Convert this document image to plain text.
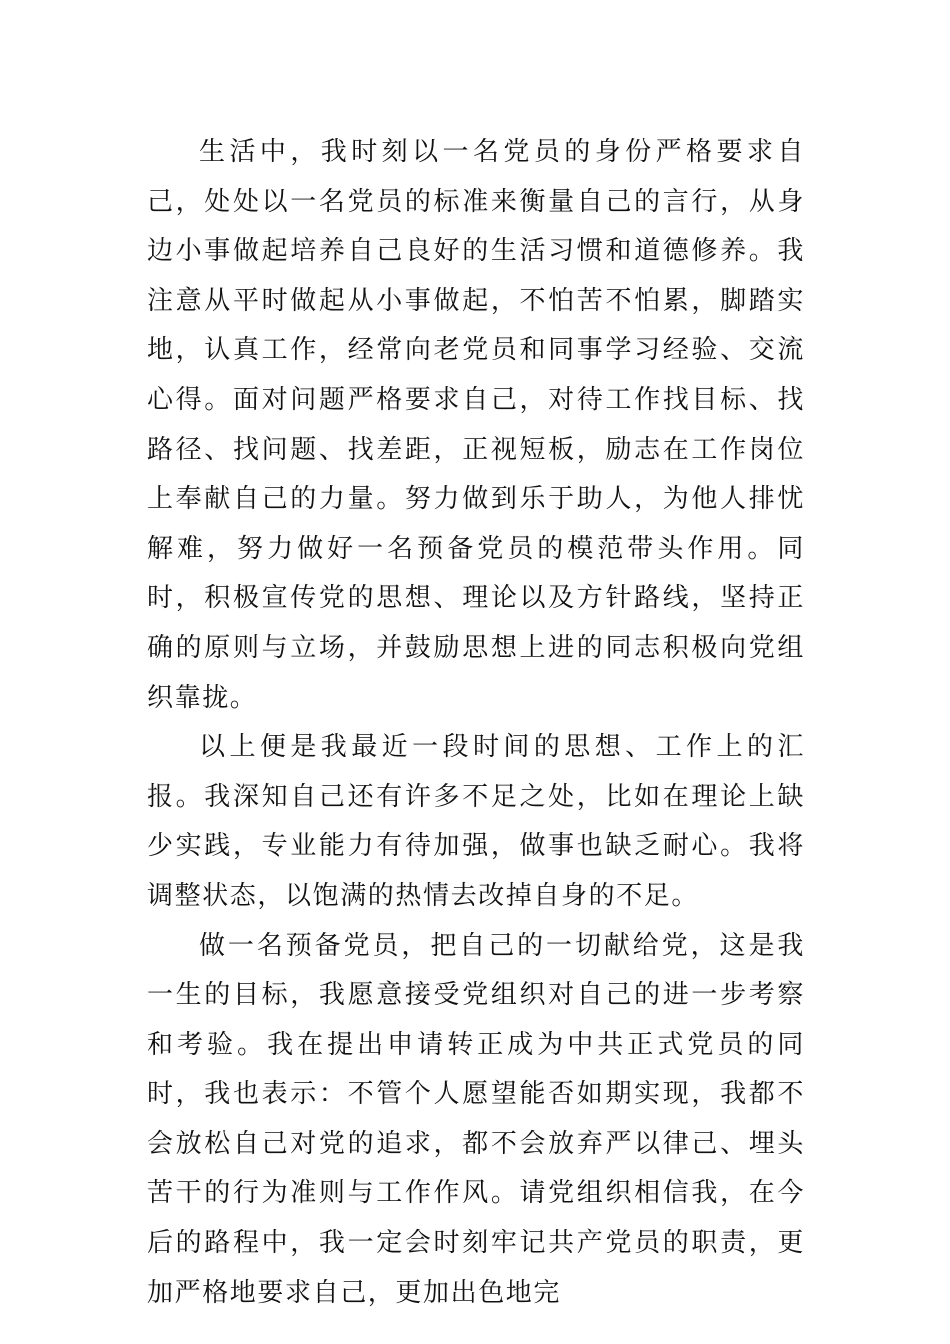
生活中，我时刻以一名党员的身份严格要求自己，处处以一名党员的标准来衡量自己的言行，从身边小事做起培养自己良好的生活习惯和道德修养。我注意从平时做起从小事做起，不怕苦不怕累，脚踏实地，认真工作，经常向老党员和同事学习经验、交流心得。面对问题严格要求自己，对待工作找目标、找路径、找问题、找差距，正视短板，励志在工作岗位上奉献自己的力量。努力做到乐于助人，为他人排忧解难，努力做好一名预备党员的模范带头作用。同时，积极宣传党的思想、理论以及方针路线，坚持正确的原则与立场，并鼓励思想上进的同志积极向党组织靠拢。

以上便是我最近一段时间的思想、工作上的汇报。我深知自己还有许多不足之处，比如在理论上缺少实践，专业能力有待加强，做事也缺乏耐心。我将调整状态，以饱满的热情去改掉自身的不足。

做一名预备党员，把自己的一切献给党，这是我一生的目标，我愿意接受党组织对自己的进一步考察和考验。我在提出申请转正成为中共正式党员的同时，我也表示：不管个人愿望能否如期实现，我都不会放松自己对党的追求，都不会放弃严以律己、埋头苦干的行为准则与工作作风。请党组织相信我，在今后的路程中，我一定会时刻牢记共产党员的职责，更加严格地要求自己，更加出色地完
